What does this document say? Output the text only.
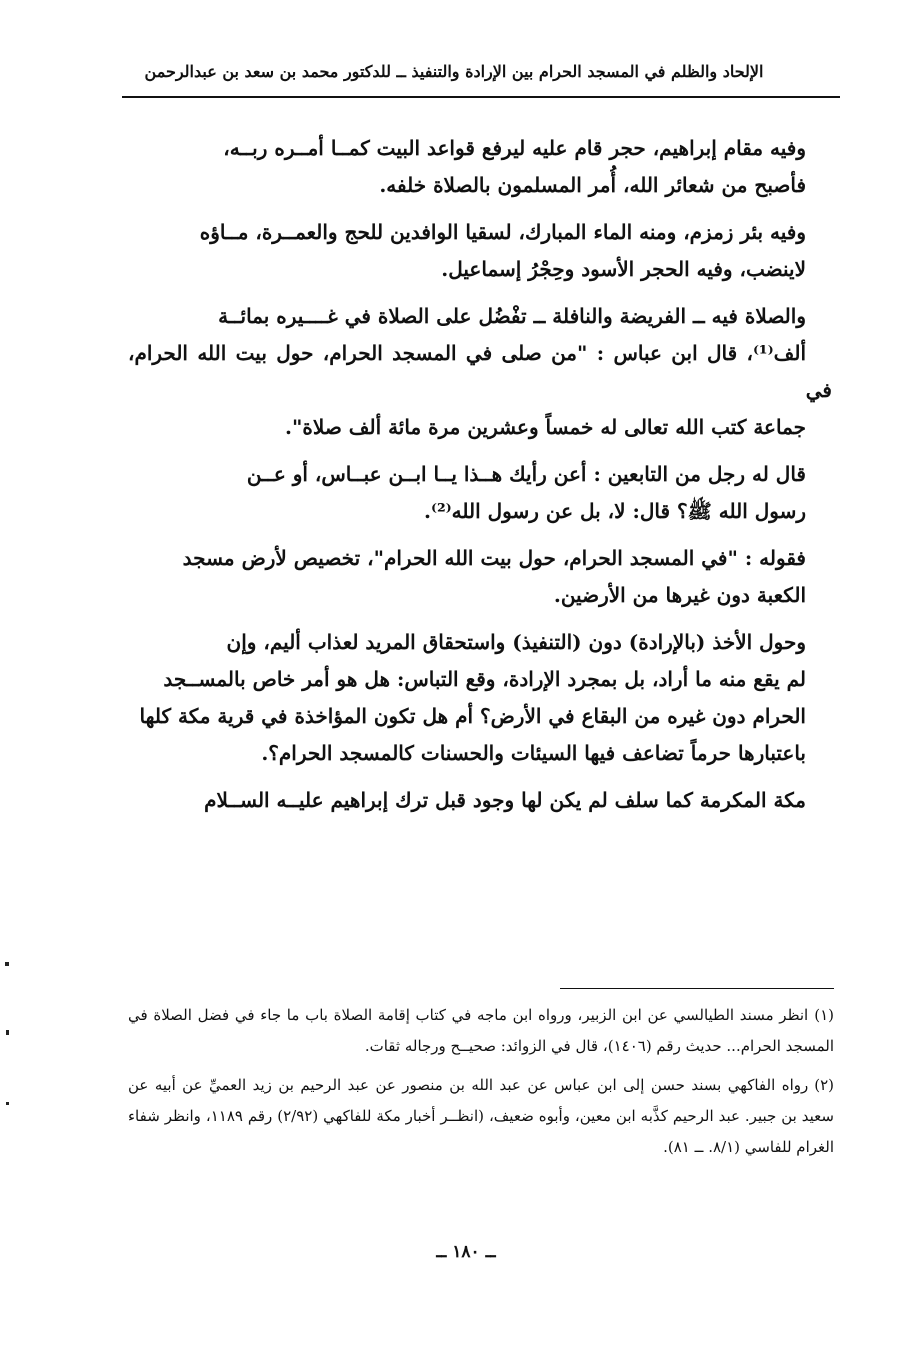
الإلحاد والظلم في المسجد الحرام بين الإرادة والتنفيذ ــ للدكتور محمد بن سعد بن عبدالرحمن

وفيه مقام إبراهيم، حجر قام عليه ليرفع قواعد البيت كمــا أمــره ربــه،
فأصبح من شعائر الله، أُمر المسلمون بالصلاة خلفه.

وفيه بئر زمزم، ومنه الماء المبارك، لسقيا الوافدين للحج والعمــرة، مــاؤه
لاينضب، وفيه الحجر الأسود وحِجْرُ إسماعيل.

والصلاة فيه ــ الفريضة والنافلة ــ تفْضُل على الصلاة في غــــيره بمائــة
ألف⁽¹⁾، قال ابن عباس : "من صلى في المسجد الحرام، حول بيت الله الحرام، في
جماعة كتب الله تعالى له خمساً وعشرين مرة مائة ألف صلاة".

قال له رجل من التابعين : أعن رأيك هــذا يــا ابــن عبــاس، أو عــن
رسول الله ﷺ؟ قال: لا، بل عن رسول الله⁽²⁾.

فقوله : "في المسجد الحرام، حول بيت الله الحرام"، تخصيص لأرض مسجد
الكعبة دون غيرها من الأرضين.

وحول الأخذ (بالإرادة) دون (التنفيذ) واستحقاق المريد لعذاب أليم، وإن
لم يقع منه ما أراد، بل بمجرد الإرادة، وقع التباس: هل هو أمر خاص بالمســجد
الحرام دون غيره من البقاع في الأرض؟ أم هل تكون المؤاخذة في قرية مكة كلها
باعتبارها حرماً تضاعف فيها السيئات والحسنات كالمسجد الحرام؟.

مكة المكرمة كما سلف لم يكن لها وجود قبل ترك إبراهيم عليــه الســلام

(١)انظر مسند الطيالسي عن ابن الزبير، ورواه ابن ماجه في كتاب إقامة الصلاة باب ما جاء في فضل الصلاة في المسجد الحرام... حديث رقم (١٤٠٦)، قال في الزوائد: صحيــح ورجاله ثقات.

(٢)رواه الفاكهي بسند حسن إلى ابن عباس عن عبد الله بن منصور عن عبد الرحيم بن زيد العميِّ عن أبيه عن سعيد بن جبير. عبد الرحيم كذَّبه ابن معين، وأبوه ضعيف، (انظــر أخبار مكة للفاكهي (٢/٩٢) رقم ١١٨٩، وانظر شفاء الغرام للفاسي (٨/١. ــ ٨١).

ــ ١٨٠ ــ
